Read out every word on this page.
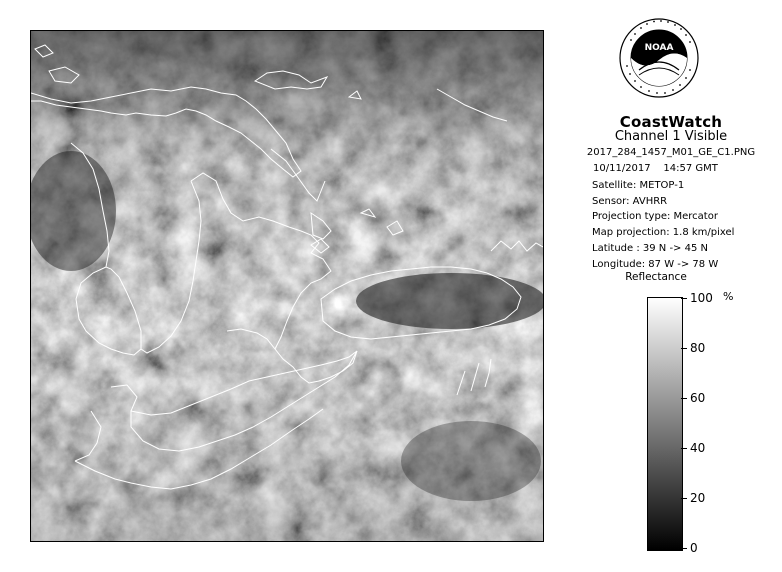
NOAA
CoastWatch
Channel 1 Visible
2017_284_1457_M01_GE_C1.PNG
10/11/2017 14:57 GMT
Satellite: METOP-1
Sensor: AVHRR
Projection type: Mercator
Map projection: 1.8 km/pixel
Latitude : 39 N -> 45 N
Longitude: 87 W -> 78 W
Reflectance
%
100
80
60
40
20
0
